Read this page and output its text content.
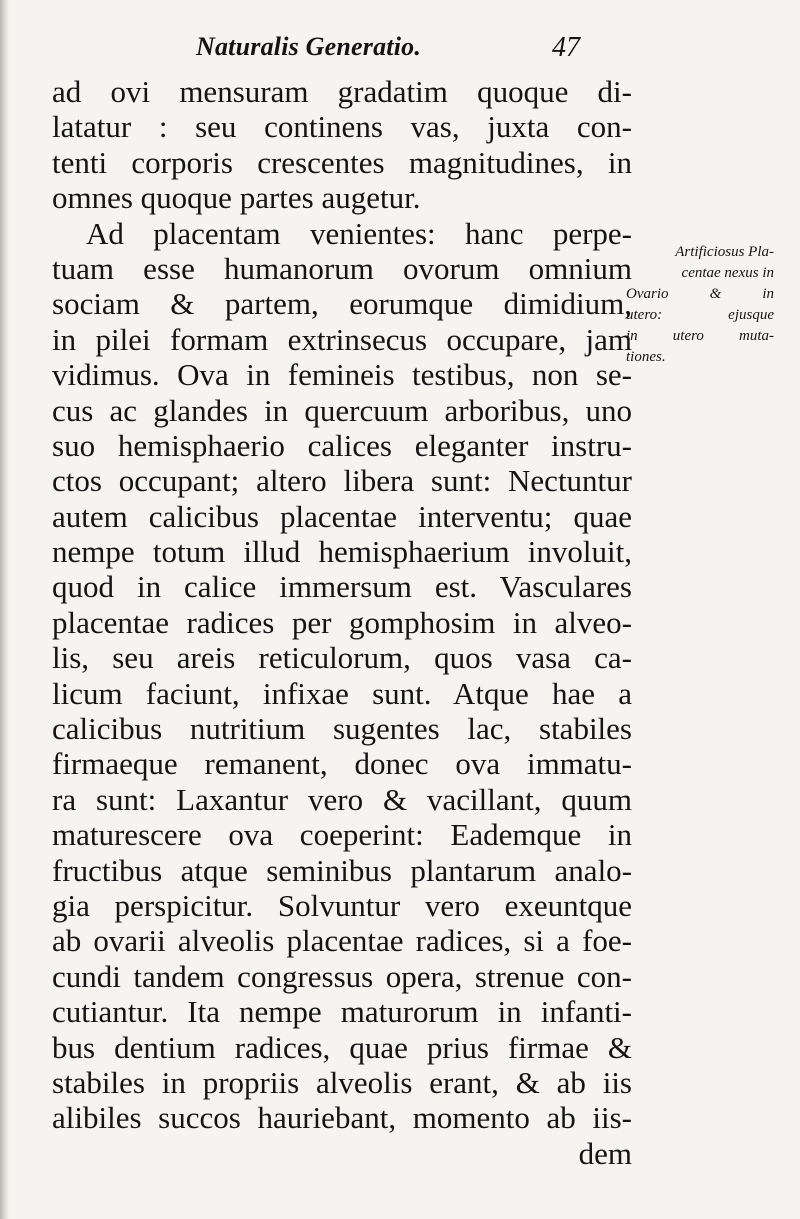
Naturalis Generatio.	47
ad ovi mensuram gradatim quoque di-
latatur : seu continens vas, juxta con-
tenti corporis crescentes magnitudines, in
omnes quoque partes augetur.
Ad placentam venientes: hanc perpe-
tuam esse humanorum ovorum omnium
sociam & partem, eorumque dimidium,
in pilei formam extrinsecus occupare, jam
vidimus. Ova in femineis testibus, non se-
cus ac glandes in quercuum arboribus, uno
suo hemisphaerio calices eleganter instru-
ctos occupant; altero libera sunt: Nectuntur
autem calicibus placentae interventu; quae
nempe totum illud hemisphaerium involuit,
quod in calice immersum est. Vasculares
placentae radices per gomphosim in alveo-
lis, seu areis reticulorum, quos vasa ca-
licum faciunt, infixae sunt. Atque hae a
calicibus nutritium sugentes lac, stabiles
firmaeque remanent, donec ova immatu-
ra sunt: Laxantur vero & vacillant, quum
maturescere ova coeperint: Eademque in
fructibus atque seminibus plantarum analo-
gia perspicitur. Solvuntur vero exeuntque
ab ovarii alveolis placentae radices, si a foe-
cundi tandem congressus opera, strenue con-
cutiantur. Ita nempe maturorum in infanti-
bus dentium radices, quae prius firmae &
stabiles in propriis alveolis erant, & ab iis
alibiles succos hauriebant, momento ab iis-
dem
Artificiosus Pla-
centae nexus in
Ovario & in
utero: ejusque
in utero muta-
tiones.
